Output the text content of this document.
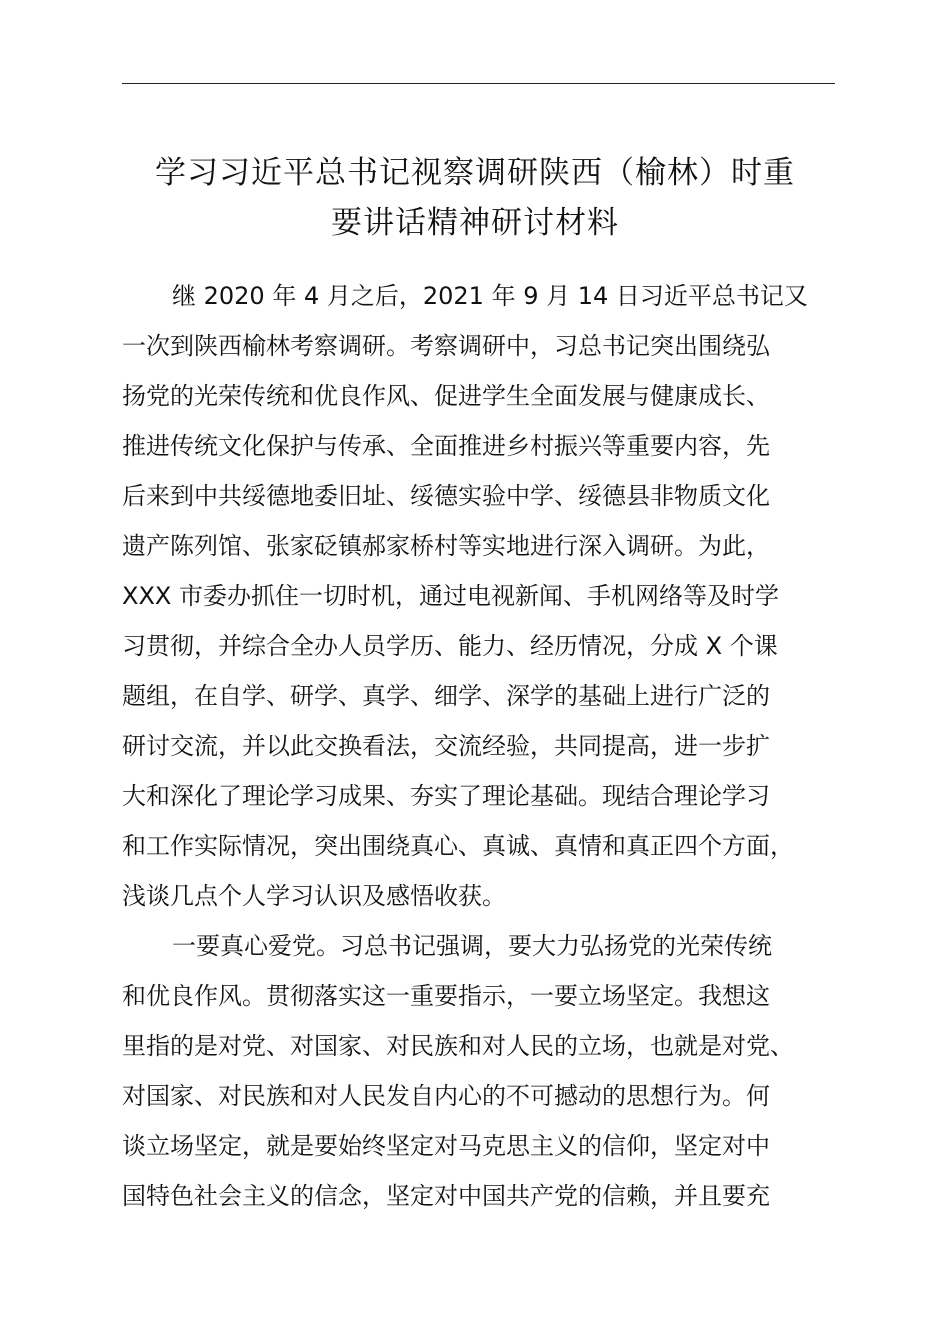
学习习近平总书记视察调研陕西（榆林）时重
要讲话精神研讨材料
继 2020 年 4 月之后，2021 年 9 月 14 日习近平总书记又
一次到陕西榆林考察调研。考察调研中，习总书记突出围绕弘
扬党的光荣传统和优良作风、促进学生全面发展与健康成长、
推进传统文化保护与传承、全面推进乡村振兴等重要内容，先
后来到中共绥德地委旧址、绥德实验中学、绥德县非物质文化
遗产陈列馆、张家砭镇郝家桥村等实地进行深入调研。为此，
XXX 市委办抓住一切时机，通过电视新闻、手机网络等及时学
习贯彻，并综合全办人员学历、能力、经历情况，分成 X 个课
题组，在自学、研学、真学、细学、深学的基础上进行广泛的
研讨交流，并以此交换看法，交流经验，共同提高，进一步扩
大和深化了理论学习成果、夯实了理论基础。现结合理论学习
和工作实际情况，突出围绕真心、真诚、真情和真正四个方面，
浅谈几点个人学习认识及感悟收获。
一要真心爱党。习总书记强调，要大力弘扬党的光荣传统
和优良作风。贯彻落实这一重要指示，一要立场坚定。我想这
里指的是对党、对国家、对民族和对人民的立场，也就是对党、
对国家、对民族和对人民发自内心的不可撼动的思想行为。何
谈立场坚定，就是要始终坚定对马克思主义的信仰，坚定对中
国特色社会主义的信念，坚定对中国共产党的信赖，并且要充
